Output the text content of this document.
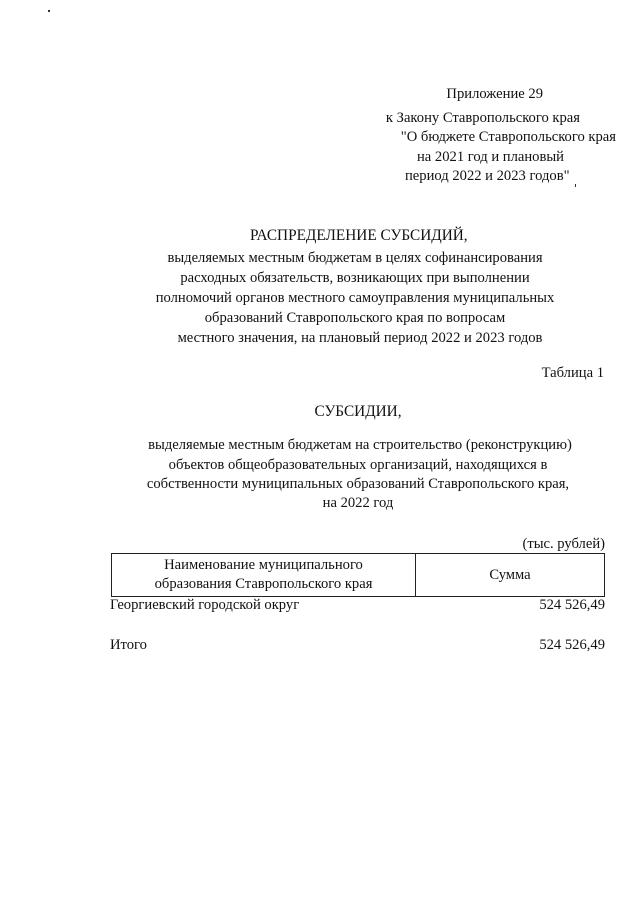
Приложение 29
к Закону Ставропольского края
"О бюджете Ставропольского края
на 2021 год и плановый
период 2022 и 2023 годов"
РАСПРЕДЕЛЕНИЕ СУБСИДИЙ,
выделяемых местным бюджетам в целях софинансирования
расходных обязательств, возникающих при выполнении
полномочий органов местного самоуправления муниципальных
образований Ставропольского края по вопросам
местного значения, на плановый период 2022 и 2023 годов
Таблица 1
СУБСИДИИ,
выделяемые местным бюджетам на строительство (реконструкцию)
объектов общеобразовательных организаций, находящихся в
собственности муниципальных образований Ставропольского края,
на 2022 год
(тыс. рублей)
Наименование муниципального
образования Ставропольского края	Сумма
Георгиевский городской округ	524 526,49
Итого	524 526,49
